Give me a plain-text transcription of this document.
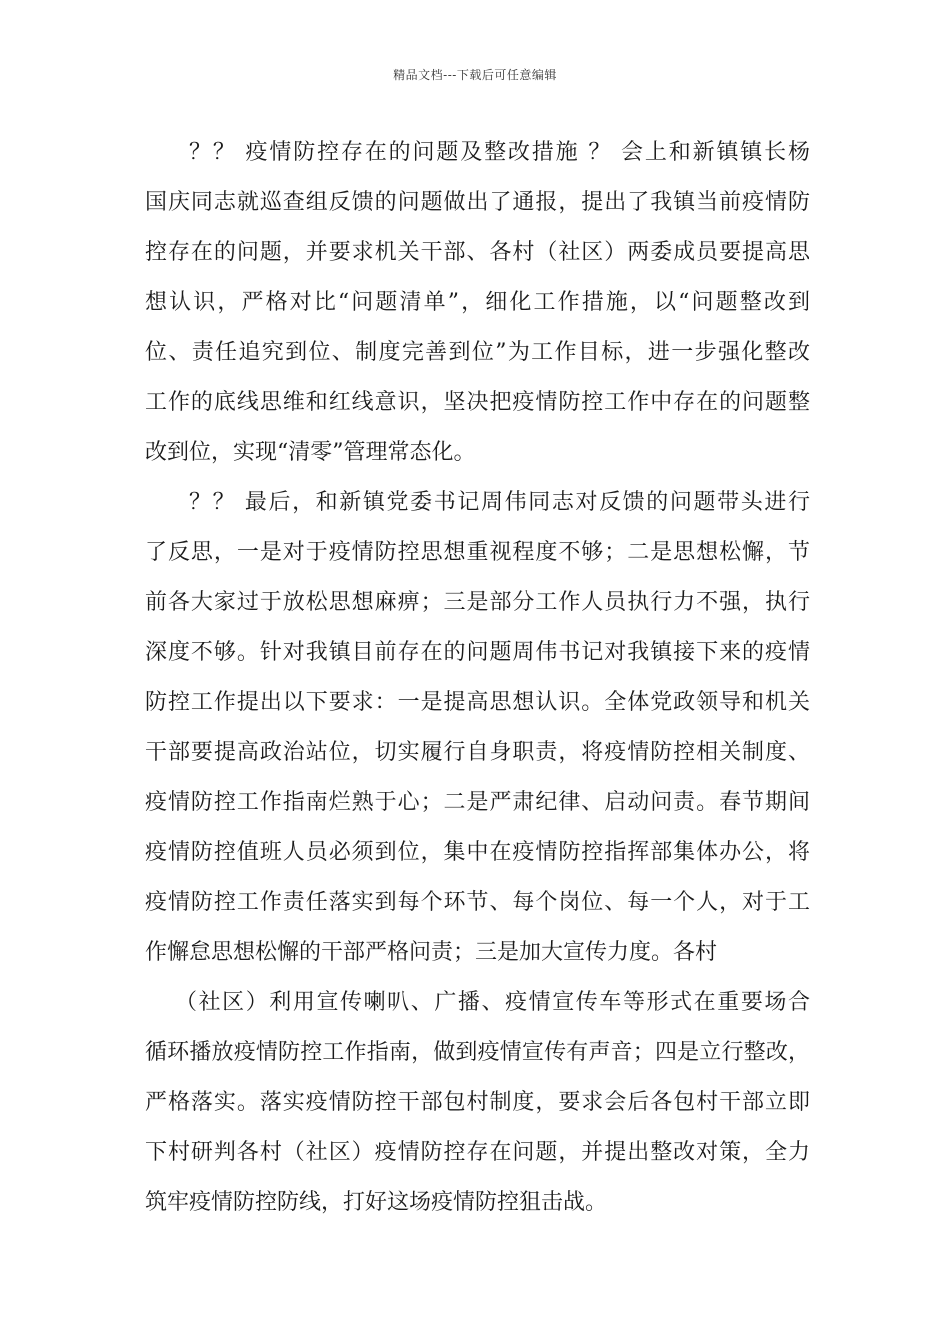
精品文档---下载后可任意编辑
？？ 疫情防控存在的问题及整改措施 ？ 会上和新镇镇长杨
国庆同志就巡查组反馈的问题做出了通报，提出了我镇当前疫情防
控存在的问题，并要求机关干部、各村（社区）两委成员要提高思
想认识，严格对比“问题清单”，细化工作措施，以“问题整改到
位、责任追究到位、制度完善到位”为工作目标，进一步强化整改
工作的底线思维和红线意识，坚决把疫情防控工作中存在的问题整
改到位，实现“清零”管理常态化。
？？ 最后，和新镇党委书记周伟同志对反馈的问题带头进行
了反思，一是对于疫情防控思想重视程度不够；二是思想松懈，节
前各大家过于放松思想麻痹；三是部分工作人员执行力不强，执行
深度不够。针对我镇目前存在的问题周伟书记对我镇接下来的疫情
防控工作提出以下要求：一是提高思想认识。全体党政领导和机关
干部要提高政治站位，切实履行自身职责，将疫情防控相关制度、
疫情防控工作指南烂熟于心；二是严肃纪律、启动问责。春节期间
疫情防控值班人员必须到位，集中在疫情防控指挥部集体办公，将
疫情防控工作责任落实到每个环节、每个岗位、每一个人，对于工
作懈怠思想松懈的干部严格问责；三是加大宣传力度。各村
（社区）利用宣传喇叭、广播、疫情宣传车等形式在重要场合
循环播放疫情防控工作指南，做到疫情宣传有声音；四是立行整改，
严格落实。落实疫情防控干部包村制度，要求会后各包村干部立即
下村研判各村（社区）疫情防控存在问题，并提出整改对策，全力
筑牢疫情防控防线，打好这场疫情防控狙击战。
